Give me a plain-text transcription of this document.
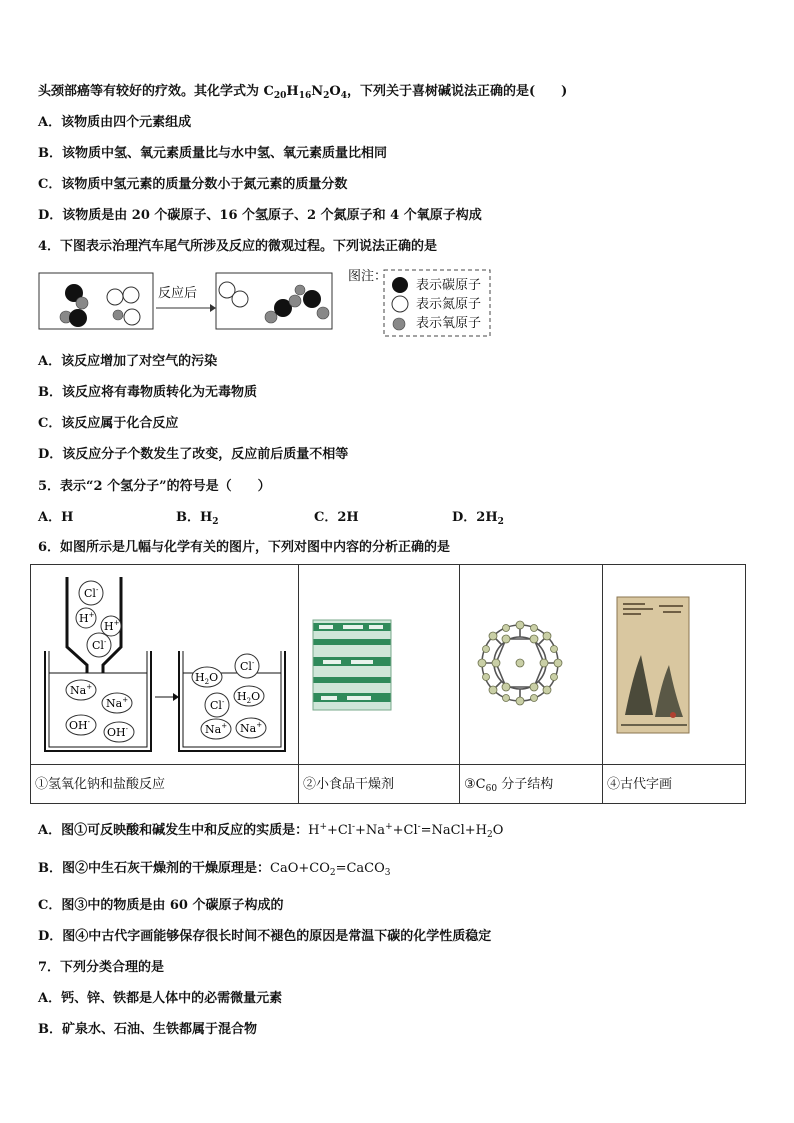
头颈部癌等有较好的疗效。其化学式为 $C_{20}H_{16}N_2O_4$，下列关于喜树碱说法正确的是(　　)
A．该物质由四个元素组成
B．该物质中氢、氧元素质量比与水中氢、氧元素质量比相同
C．该物质中氢元素的质量分数小于氮元素的质量分数
D．该物质是由 20 个碳原子、16 个氢原子、2 个氮原子和 4 个氧原子构成
4．下图表示治理汽车尾气所涉及反应的微观过程。下列说法正确的是
反应后
图注：
表示碳原子
表示氮原子
表示氧原子
A．该反应增加了对空气的污染
B．该反应将有毒物质转化为无毒物质
C．该反应属于化合反应
D．该反应分子个数发生了改变，反应前后质量不相等
5．表示“2 个氢分子”的符号是（　　）
A．H	B．$H_2$	C．2H	D．$2H_2$
6．如图所示是几幅与化学有关的图片，下列对图中内容的分析正确的是
Cl-
H+
H+
Cl-
Na+
Na+
OH-
OH-
$H_2O$
Cl-
$H_2O$
Cl-
Na+ Na+
①氢氧化钠和盐酸反应	②小食品干燥剂	$③C_{60}$ 分子结构	④古代字画
A．图①可反映酸和碱发生中和反应的实质是：$H^++Cl^-+Na^++Cl^-=NaCl+H_2O$
B．图②中生石灰干燥剂的干燥原理是：$CaO+CO_2=CaCO_3$
C．图③中的物质是由 60 个碳原子构成的
D．图④中古代字画能够保存很长时间不褪色的原因是常温下碳的化学性质稳定
7．下列分类合理的是
A．钙、锌、铁都是人体中的必需微量元素
B．矿泉水、石油、生铁都属于混合物
